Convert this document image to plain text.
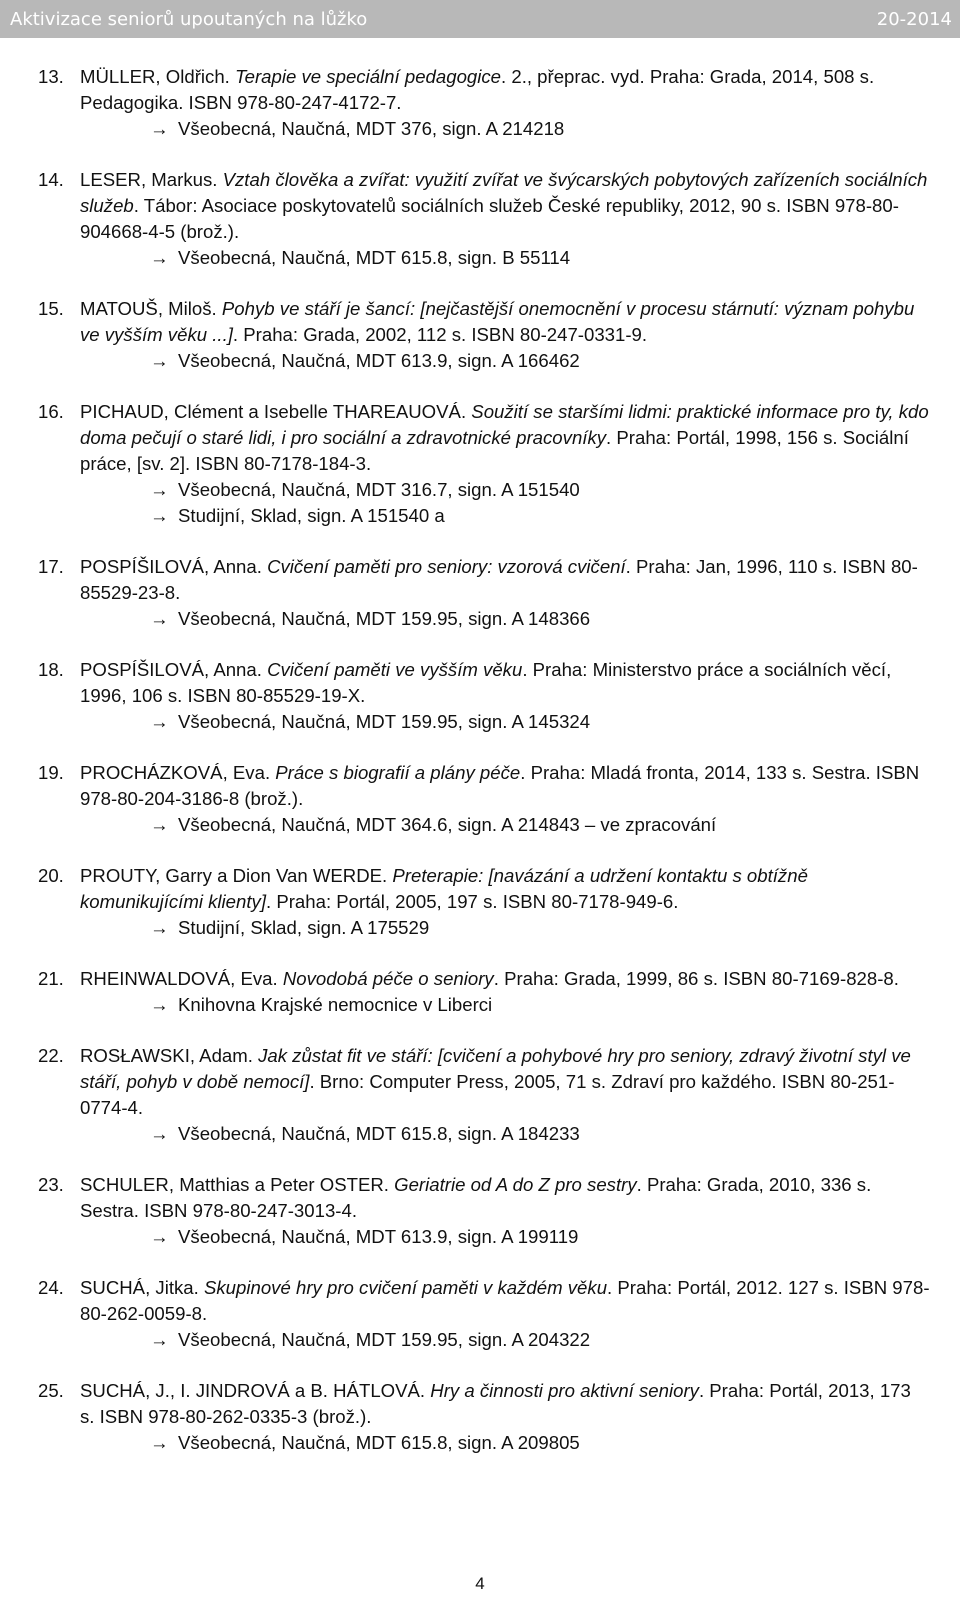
Aktivizace seniorů upoutaných na lůžko	20-2014
13. MÜLLER, Oldřich. Terapie ve speciální pedagogice. 2., přeprac. vyd. Praha: Grada, 2014, 508 s. Pedagogika. ISBN 978-80-247-4172-7.
→ Všeobecná, Naučná, MDT 376, sign. A 214218
14. LESER, Markus. Vztah člověka a zvířat: využití zvířat ve švýcarských pobytových zařízeních sociálních služeb. Tábor: Asociace poskytovatelů sociálních služeb České republiky, 2012, 90 s. ISBN 978-80-904668-4-5 (brož.).
→ Všeobecná, Naučná, MDT 615.8, sign. B 55114
15. MATOUŠ, Miloš. Pohyb ve stáří je šancí: [nejčastější onemocnění v procesu stárnutí: význam pohybu ve vyšším věku ...]. Praha: Grada, 2002, 112 s. ISBN 80-247-0331-9.
→ Všeobecná, Naučná, MDT 613.9, sign. A 166462
16. PICHAUD, Clément a Isebelle THAREAUOVÁ. Soužití se staršími lidmi: praktické informace pro ty, kdo doma pečují o staré lidi, i pro sociální a zdravotnické pracovníky. Praha: Portál, 1998, 156 s. Sociální práce, [sv. 2]. ISBN 80-7178-184-3.
→ Všeobecná, Naučná, MDT 316.7, sign. A 151540
→ Studijní, Sklad, sign. A 151540 a
17. POSPÍŠILOVÁ, Anna. Cvičení paměti pro seniory: vzorová cvičení. Praha: Jan, 1996, 110 s. ISBN 80-85529-23-8.
→ Všeobecná, Naučná, MDT 159.95, sign. A 148366
18. POSPÍŠILOVÁ, Anna. Cvičení paměti ve vyšším věku. Praha: Ministerstvo práce a sociálních věcí, 1996, 106 s. ISBN 80-85529-19-X.
→ Všeobecná, Naučná, MDT 159.95, sign. A 145324
19. PROCHÁZKOVÁ, Eva. Práce s biografií a plány péče. Praha: Mladá fronta, 2014, 133 s. Sestra. ISBN 978-80-204-3186-8 (brož.).
→ Všeobecná, Naučná, MDT 364.6, sign. A 214843 – ve zpracování
20. PROUTY, Garry a Dion Van WERDE. Preterapie: [navázání a udržení kontaktu s obtížně komunikujícími klienty]. Praha: Portál, 2005, 197 s. ISBN 80-7178-949-6.
→ Studijní, Sklad, sign. A 175529
21. RHEINWALDOVÁ, Eva. Novodobá péče o seniory. Praha: Grada, 1999, 86 s. ISBN 80-7169-828-8.
→ Knihovna Krajské nemocnice v Liberci
22. ROSŁAWSKI, Adam. Jak zůstat fit ve stáří: [cvičení a pohybové hry pro seniory, zdravý životní styl ve stáří, pohyb v době nemocí]. Brno: Computer Press, 2005, 71 s. Zdraví pro každého. ISBN 80-251-0774-4.
→ Všeobecná, Naučná, MDT 615.8, sign. A 184233
23. SCHULER, Matthias a Peter OSTER. Geriatrie od A do Z pro sestry. Praha: Grada, 2010, 336 s. Sestra. ISBN 978-80-247-3013-4.
→ Všeobecná, Naučná, MDT 613.9, sign. A 199119
24. SUCHÁ, Jitka. Skupinové hry pro cvičení paměti v každém věku. Praha: Portál, 2012. 127 s. ISBN 978-80-262-0059-8.
→ Všeobecná, Naučná, MDT 159.95, sign. A 204322
25. SUCHÁ, J., I. JINDROVÁ a B. HÁTLOVÁ. Hry a činnosti pro aktivní seniory. Praha: Portál, 2013, 173 s. ISBN 978-80-262-0335-3 (brož.).
→ Všeobecná, Naučná, MDT 615.8, sign. A 209805
4
